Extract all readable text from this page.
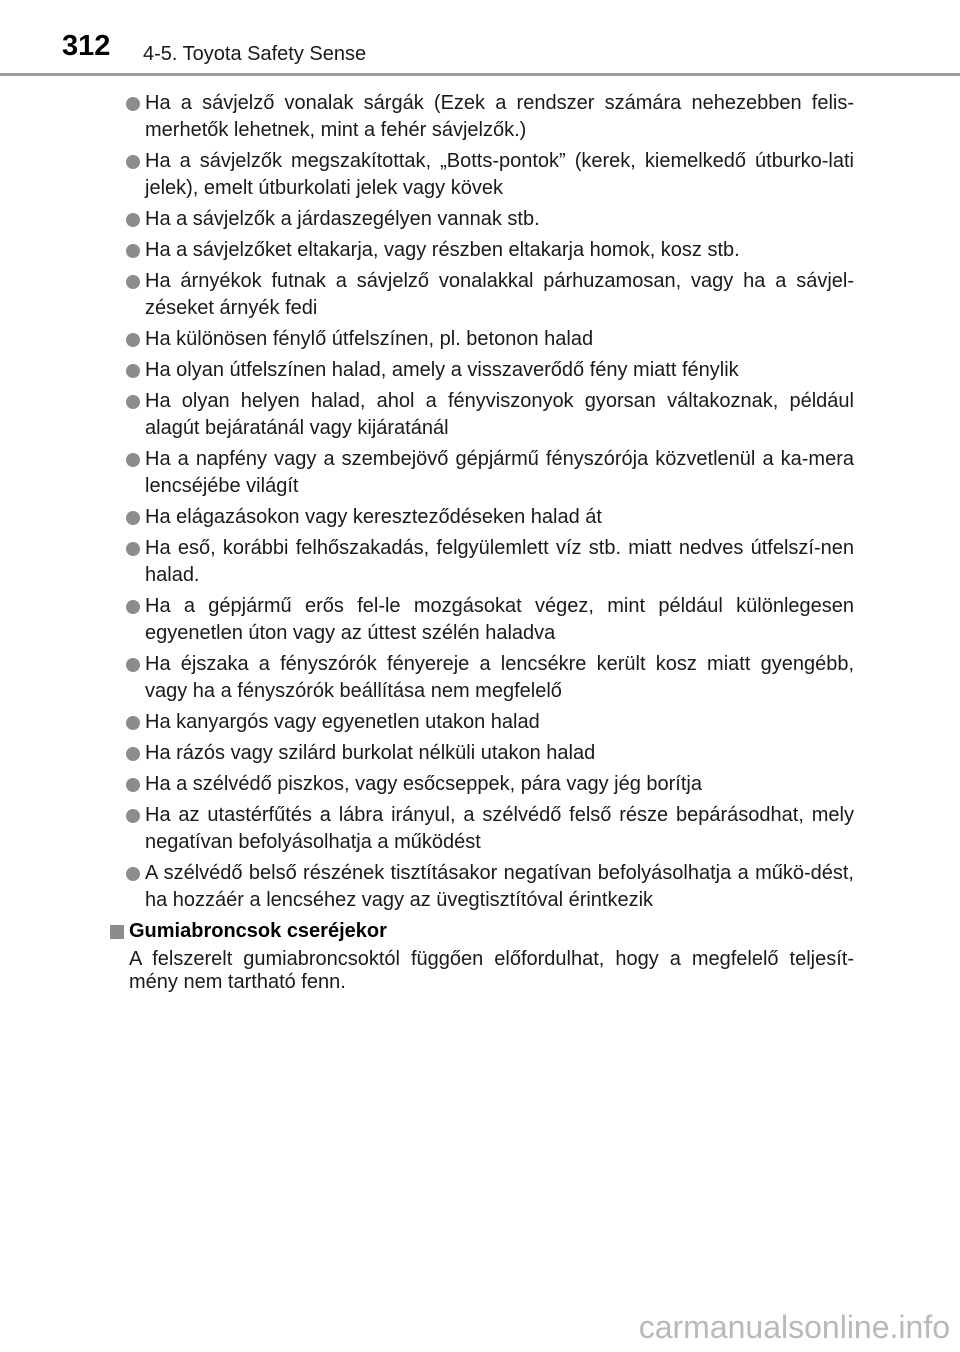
312 4-5. Toyota Safety Sense
Ha a sávjelző vonalak sárgák (Ezek a rendszer számára nehezebben felis-merhetők lehetnek, mint a fehér sávjelzők.)
Ha a sávjelzők megszakítottak, „Botts-pontok” (kerek, kiemelkedő útburko-lati jelek), emelt útburkolati jelek vagy kövek
Ha a sávjelzők a járdaszegélyen vannak stb.
Ha a sávjelzőket eltakarja, vagy részben eltakarja homok, kosz stb.
Ha árnyékok futnak a sávjelző vonalakkal párhuzamosan, vagy ha a sávjel-zéseket árnyék fedi
Ha különösen fénylő útfelszínen, pl. betonon halad
Ha olyan útfelszínen halad, amely a visszaverődő fény miatt fénylik
Ha olyan helyen halad, ahol a fényviszonyok gyorsan váltakoznak, például alagút bejáratánál vagy kijáratánál
Ha a napfény vagy a szembejövő gépjármű fényszórója közvetlenül a ka-mera lencséjébe világít
Ha elágazásokon vagy kereszteződéseken halad át
Ha eső, korábbi felhőszakadás, felgyülemlett víz stb. miatt nedves útfelszí-nen halad.
Ha a gépjármű erős fel-le mozgásokat végez, mint például különlegesen egyenetlen úton vagy az úttest szélén haladva
Ha éjszaka a fényszórók fényereje a lencsékre került kosz miatt gyengébb, vagy ha a fényszórók beállítása nem megfelelő
Ha kanyargós vagy egyenetlen utakon halad
Ha rázós vagy szilárd burkolat nélküli utakon halad
Ha a szélvédő piszkos, vagy esőcseppek, pára vagy jég borítja
Ha az utastérfűtés a lábra irányul, a szélvédő felső része bepárásodhat, mely negatívan befolyásolhatja a működést
A szélvédő belső részének tisztításakor negatívan befolyásolhatja a műkö-dést, ha hozzáér a lencséhez vagy az üvegtisztítóval érintkezik
Gumiabroncsok cseréjekor
A felszerelt gumiabroncsoktól függően előfordulhat, hogy a megfelelő teljesít-mény nem tartható fenn.
carmanualsonline.info
